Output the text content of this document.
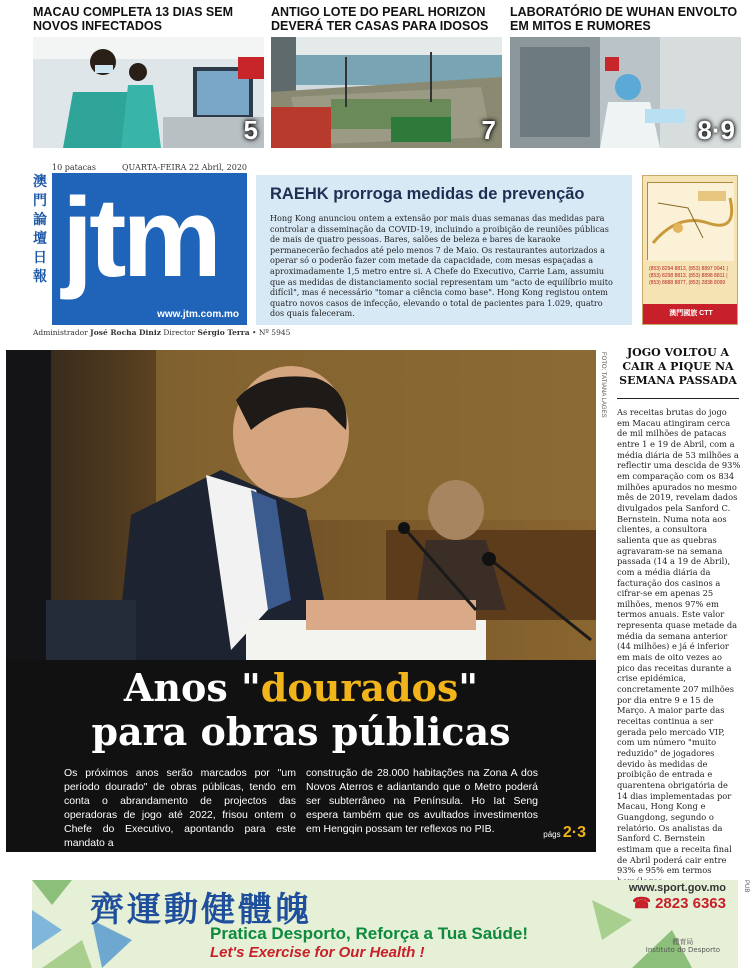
MACAU COMPLETA 13 DIAS SEM NOVOS INFECTADOS
5
ANTIGO LOTE DO PEARL HORIZON DEVERÁ TER CASAS PARA IDOSOS
7
LABORATÓRIO DE WUHAN ENVOLTO EM MITOS E RUMORES
8·9
10 patacas	QUARTA-FEIRA 22 Abril, 2020
澳
門
論
壇
日
報 jtm
www.jtm.com.mo
Administrador José Rocha Diniz Director Sérgio Terra • Nº 5945
RAEHK prorroga medidas de prevenção

Hong Kong anunciou ontem a extensão por mais duas semanas das medidas para controlar a disseminação da COVID-19, incluindo a proibição de reuniões públicas de mais de quatro pessoas. Bares, salões de beleza e bares de karaoke permanecerão fechados até pelo menos 7 de Maio. Os restaurantes autorizados a operar só o poderão fazer com metade da capacidade, com mesas espaçadas a aproximadamente 1,5 metro entre si. A Chefe do Executivo, Carrie Lam, assumiu que as medidas de distanciamento social representam um "acto de equilíbrio muito difícil", mas é necessário "tomar a ciência como base". Hong Kong registou ontem quatro novos casos de infecção, elevando o total de pacientes para 1.029, quatro dos quais faleceram.

(853) 8294 8813, (853) 8897 9941 | (853) 8298 8813, (853) 8898 8811 | (853) 8888 8877, (853) 2838 8099
澳門國旅 CTT
FOTO: TATIANA LAGES
Anos "dourados"
para obras públicas

Os próximos anos serão marcados por "um período dourado" de obras públicas, tendo em conta o abrandamento de projectos das operadoras de jogo até 2022, frisou ontem o Chefe do Executivo, apontando para este mandato a

construção de 28.000 habitações na Zona A dos Novos Aterros e adiantando que o Metro poderá ser subterrâneo na Península. Ho Iat Seng espera também que os avultados investimentos em Hengqin possam ter reflexos no PIB.	págs 2·3
JOGO VOLTOU A CAIR A PIQUE NA SEMANA PASSADA

As receitas brutas do jogo em Macau atingiram cerca de mil milhões de patacas entre 1 e 19 de Abril, com a média diária de 53 milhões a reflectir uma descida de 93% em comparação com os 834 milhões apurados no mesmo mês de 2019, revelam dados divulgados pela Sanford C. Bernstein. Numa nota aos clientes, a consultora salienta que as quebras agravaram-se na semana passada (14 a 19 de Abril), com a média diária da facturação dos casinos a cifrar-se em apenas 25 milhões, menos 97% em termos anuais. Este valor representa quase metade da média da semana anterior (44 milhões) e já é inferior em mais de oito vezes ao pico das receitas durante a crise epidémica, concretamente 207 milhões por dia entre 9 e 15 de Março. A maior parte das receitas continua a ser gerada pelo mercado VIP, com um número "muito reduzido" de jogadores devido às medidas de proibição de entrada e quarentena obrigatória de 14 dias implementadas por Macau, Hong Kong e Guangdong, segundo o relatório. Os analistas da Sanford C. Bernstein estimam que a receita final de Abril poderá cair entre 93% e 95% em termos

齊運動健體魄
www.sport.gov.mo
☎ 2823 6363
Pratica Desporto, Reforça a Tua Saúde!
Let's Exercise for Our Health !
體育局
Instituto do Desporto
PUB
